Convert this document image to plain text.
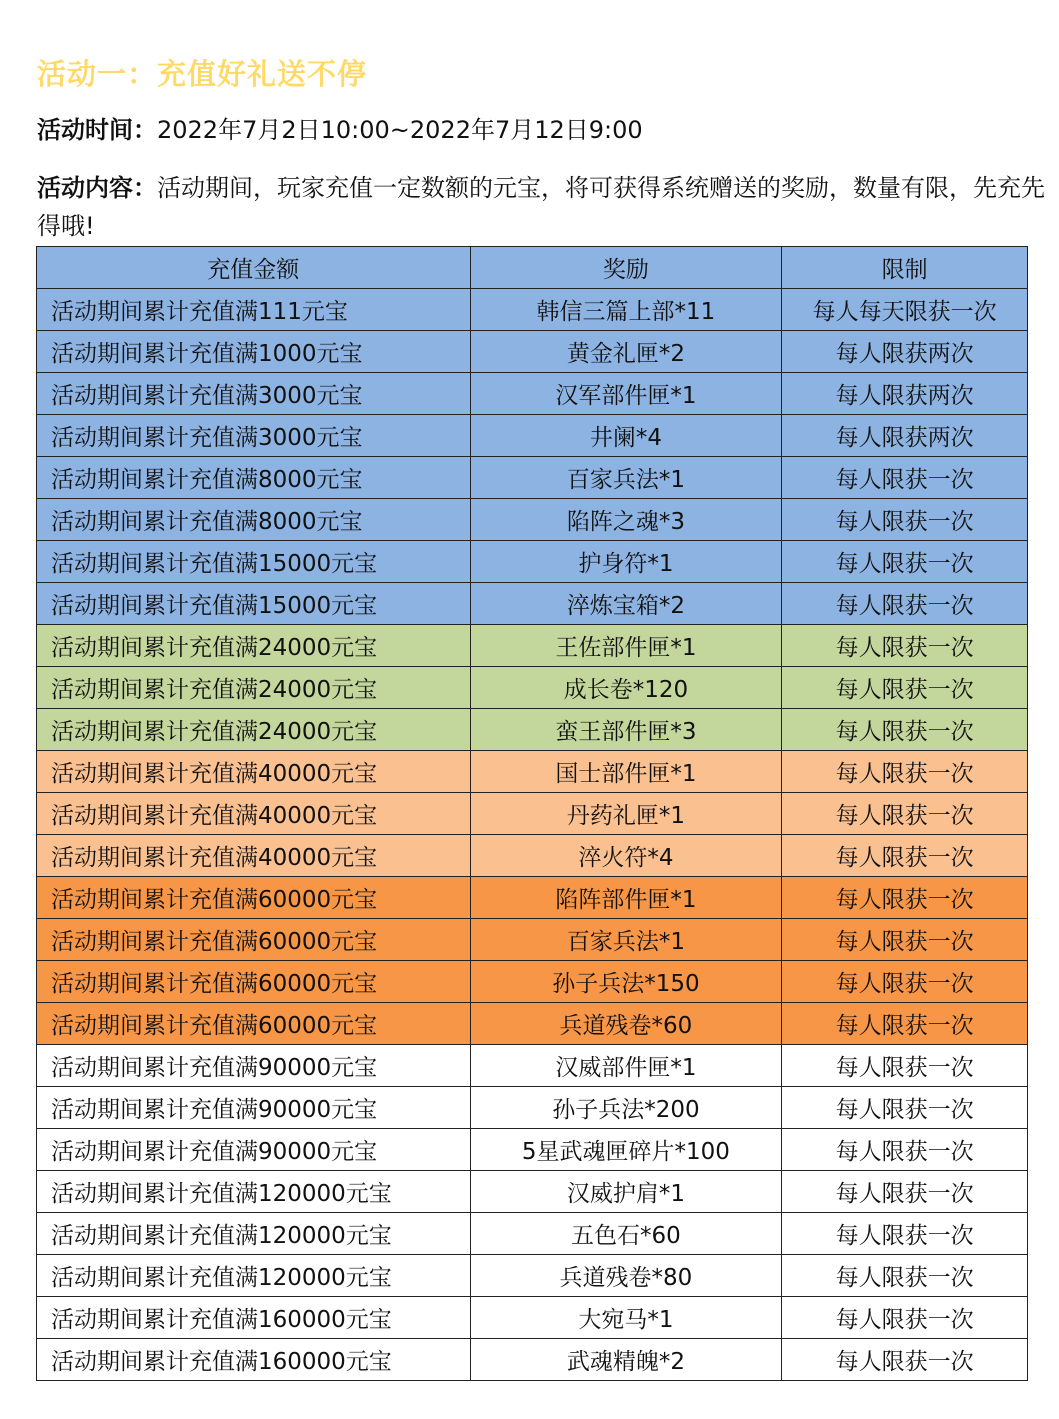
活动一：充值好礼送不停
活动时间：2022年7月2日10:00~2022年7月12日9:00
活动内容：活动期间，玩家充值一定数额的元宝，将可获得系统赠送的奖励，数量有限，先充先得哦!
充值金额	奖励	限制
活动期间累计充值满111元宝	韩信三篇上部*11	每人每天限获一次
活动期间累计充值满1000元宝	黄金礼匣*2	每人限获两次
活动期间累计充值满3000元宝	汉军部件匣*1	每人限获两次
活动期间累计充值满3000元宝	井阑*4	每人限获两次
活动期间累计充值满8000元宝	百家兵法*1	每人限获一次
活动期间累计充值满8000元宝	陷阵之魂*3	每人限获一次
活动期间累计充值满15000元宝	护身符*1	每人限获一次
活动期间累计充值满15000元宝	淬炼宝箱*2	每人限获一次
活动期间累计充值满24000元宝	王佐部件匣*1	每人限获一次
活动期间累计充值满24000元宝	成长卷*120	每人限获一次
活动期间累计充值满24000元宝	蛮王部件匣*3	每人限获一次
活动期间累计充值满40000元宝	国士部件匣*1	每人限获一次
活动期间累计充值满40000元宝	丹药礼匣*1	每人限获一次
活动期间累计充值满40000元宝	淬火符*4	每人限获一次
活动期间累计充值满60000元宝	陷阵部件匣*1	每人限获一次
活动期间累计充值满60000元宝	百家兵法*1	每人限获一次
活动期间累计充值满60000元宝	孙子兵法*150	每人限获一次
活动期间累计充值满60000元宝	兵道残卷*60	每人限获一次
活动期间累计充值满90000元宝	汉威部件匣*1	每人限获一次
活动期间累计充值满90000元宝	孙子兵法*200	每人限获一次
活动期间累计充值满90000元宝	5星武魂匣碎片*100	每人限获一次
活动期间累计充值满120000元宝	汉威护肩*1	每人限获一次
活动期间累计充值满120000元宝	五色石*60	每人限获一次
活动期间累计充值满120000元宝	兵道残卷*80	每人限获一次
活动期间累计充值满160000元宝	大宛马*1	每人限获一次
活动期间累计充值满160000元宝	武魂精魄*2	每人限获一次
